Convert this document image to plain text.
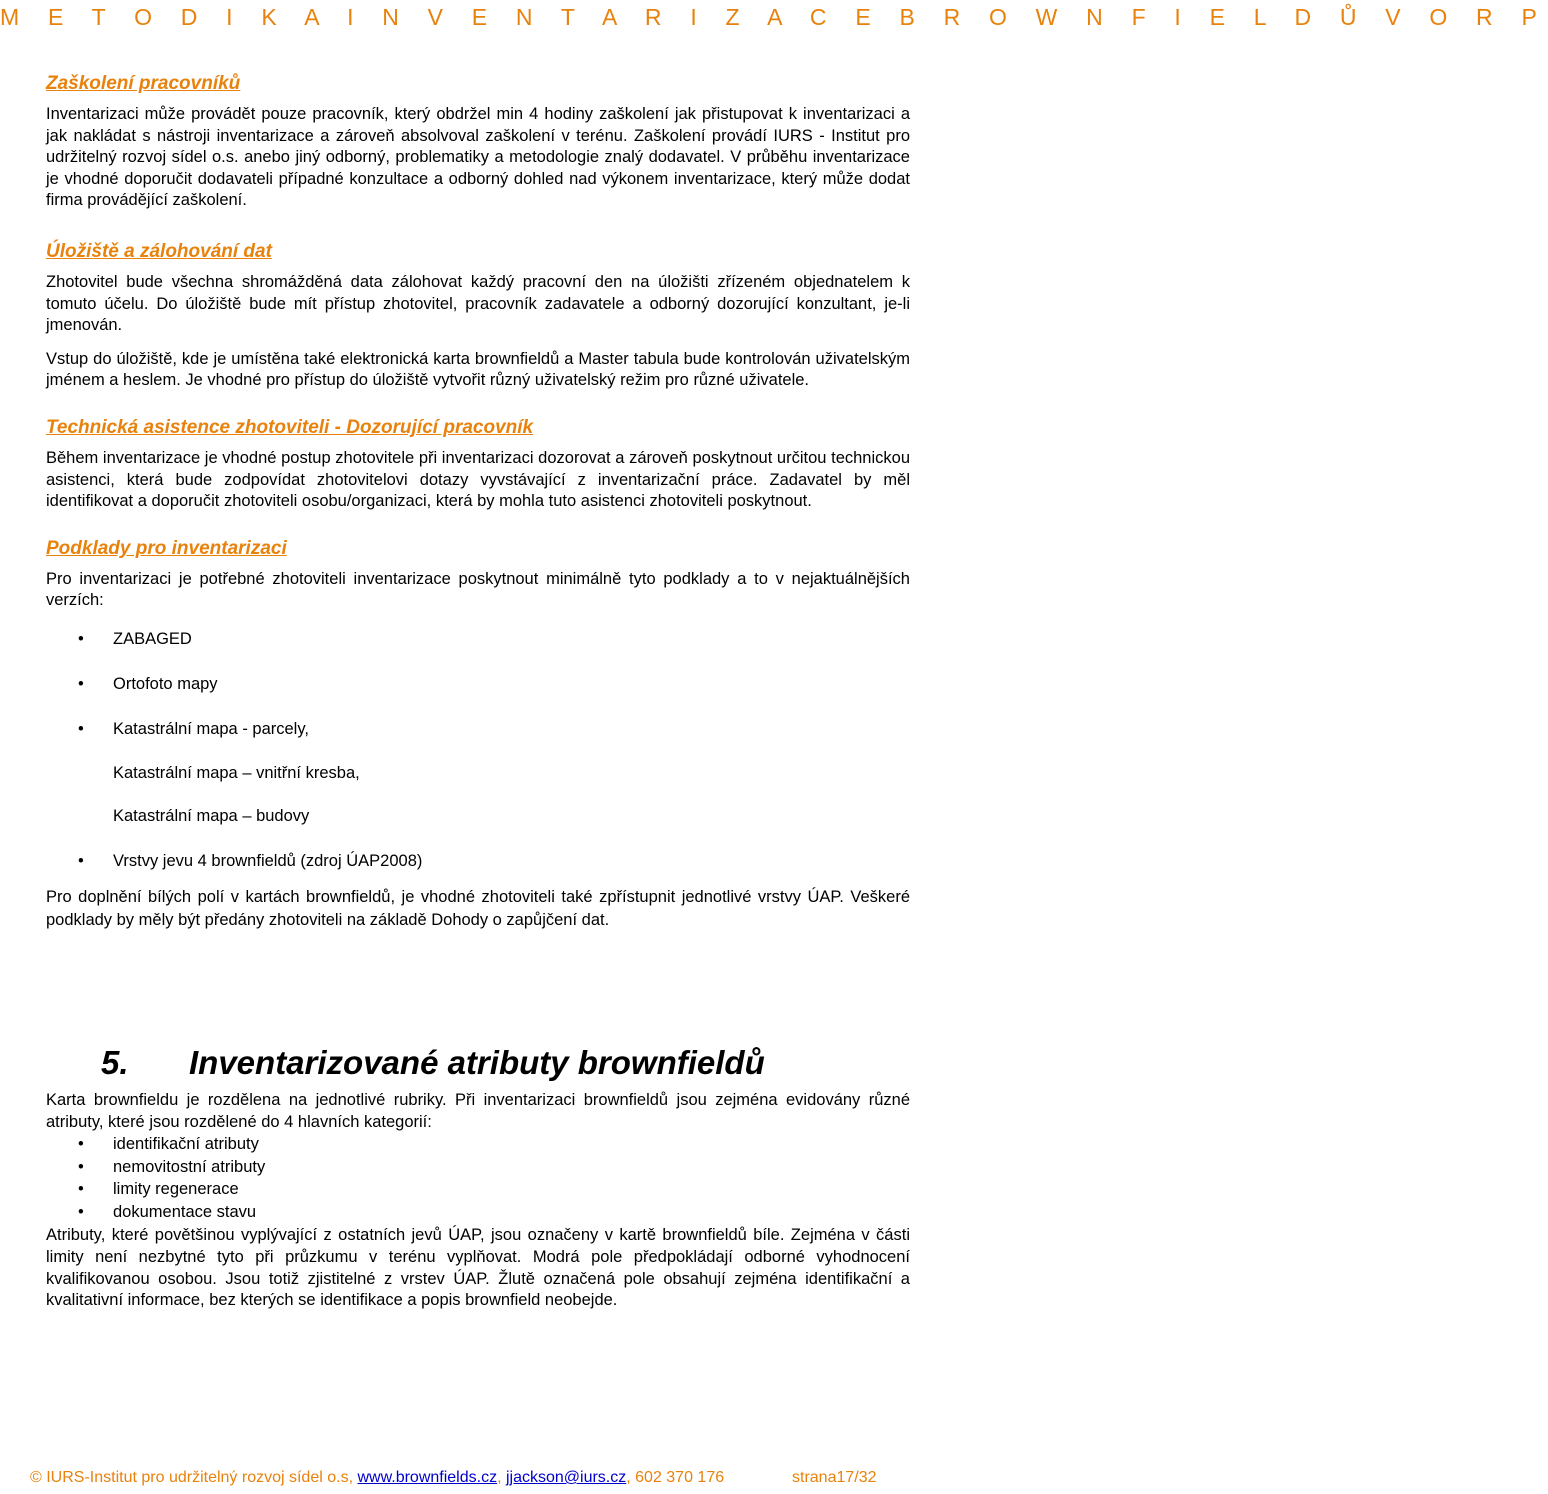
M E T O D I K A I N V E N T A R I Z A C E B R O W N F I E L D Ů V O R P
Zaškolení pracovníků

Inventarizaci může provádět pouze pracovník, který obdržel min 4 hodiny zaškolení jak přistupovat k inventarizaci a jak nakládat s nástroji inventarizace a zároveň absolvoval zaškolení v terénu. Zaškolení provádí IURS - Institut pro udržitelný rozvoj sídel o.s. anebo jiný odborný, problematiky a metodologie znalý dodavatel. V průběhu inventarizace je vhodné doporučit dodavateli případné konzultace a odborný dohled nad výkonem inventarizace, který může dodat firma provádějící zaškolení.

Úložiště a zálohování dat

Zhotovitel bude všechna shromážděná data zálohovat každý pracovní den na úložišti zřízeném objednatelem k tomuto účelu. Do úložiště bude mít přístup zhotovitel, pracovník zadavatele a odborný dozorující konzultant, je-li jmenován.

Vstup do úložiště, kde je umístěna také elektronická karta brownfieldů a Master tabula bude kontrolován uživatelským jménem a heslem. Je vhodné pro přístup do úložiště vytvořit různý uživatelský režim pro různé uživatele.

Technická asistence zhotoviteli - Dozorující pracovník

Během inventarizace je vhodné postup zhotovitele při inventarizaci dozorovat a zároveň poskytnout určitou technickou asistenci, která bude zodpovídat zhotovitelovi dotazy vyvstávající z inventarizační práce. Zadavatel by měl identifikovat a doporučit zhotoviteli osobu/organizaci, která by mohla tuto asistenci zhotoviteli poskytnout.

Podklady pro inventarizaci

Pro inventarizaci je potřebné zhotoviteli inventarizace poskytnout minimálně tyto podklady a to v nejaktuálnějších verzích:

• ZABAGED
• Ortofoto mapy
• Katastrální mapa - parcely,
Katastrální mapa – vnitřní kresba,
Katastrální mapa – budovy
• Vrstvy jevu 4 brownfieldů (zdroj ÚAP2008)

Pro doplnění bílých polí v kartách brownfieldů, je vhodné zhotoviteli také zpřístupnit jednotlivé vrstvy ÚAP. Veškeré podklady by měly být předány zhotoviteli na základě Dohody o zapůjčení dat.

5.	Inventarizované atributy brownfieldů

Karta brownfieldu je rozdělena na jednotlivé rubriky. Při inventarizaci brownfieldů jsou zejména evidovány různé atributy, které jsou rozdělené do 4 hlavních kategorií:

• identifikační atributy
• nemovitostní atributy
• limity regenerace
• dokumentace stavu

Atributy, které povětšinou vyplývající z ostatních jevů ÚAP, jsou označeny v kartě brownfieldů bíle. Zejména v části limity není nezbytné tyto při průzkumu v terénu vyplňovat. Modrá pole předpokládají odborné vyhodnocení kvalifikovanou osobou. Jsou totiž zjistitelné z vrstev ÚAP. Žlutě označená pole obsahují zejména identifikační a kvalitativní informace, bez kterých se identifikace a popis brownfield neobejde.

© IURS-Institut pro udržitelný rozvoj sídel o.s, www.brownfields.cz, jjackson@iurs.cz, 602 370 176	strana17/32
